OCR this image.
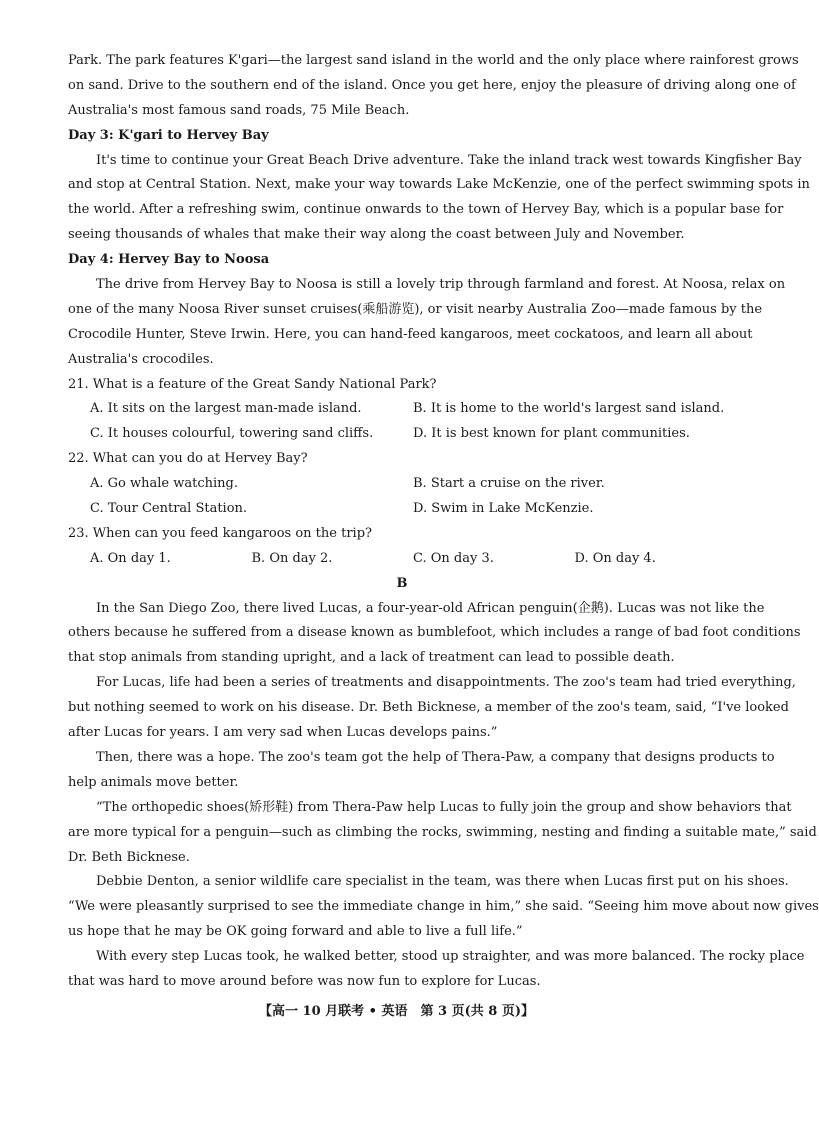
Park. The park features K'gari—the largest sand island in the world and the only place where rainforest grows
on sand. Drive to the southern end of the island. Once you get here, enjoy the pleasure of driving along one of
Australia's most famous sand roads, 75 Mile Beach.
Day 3: K'gari to Hervey Bay
It's time to continue your Great Beach Drive adventure. Take the inland track west towards Kingfisher Bay
and stop at Central Station. Next, make your way towards Lake McKenzie, one of the perfect swimming spots in
the world. After a refreshing swim, continue onwards to the town of Hervey Bay, which is a popular base for
seeing thousands of whales that make their way along the coast between July and November.
Day 4: Hervey Bay to Noosa
The drive from Hervey Bay to Noosa is still a lovely trip through farmland and forest. At Noosa, relax on
one of the many Noosa River sunset cruises(乘船游览), or visit nearby Australia Zoo—made famous by the
Crocodile Hunter, Steve Irwin. Here, you can hand-feed kangaroos, meet cockatoos, and learn all about
Australia's crocodiles.
21. What is a feature of the Great Sandy National Park?
A. It sits on the largest man-made island.	B. It is home to the world's largest sand island.
C. It houses colourful, towering sand cliffs.	D. It is best known for plant communities.
22. What can you do at Hervey Bay?
A. Go whale watching.	B. Start a cruise on the river.
C. Tour Central Station.	D. Swim in Lake McKenzie.
23. When can you feed kangaroos on the trip?
A. On day 1.	B. On day 2.	C. On day 3.	D. On day 4.
B
In the San Diego Zoo, there lived Lucas, a four-year-old African penguin(企鹅). Lucas was not like the
others because he suffered from a disease known as bumblefoot, which includes a range of bad foot conditions
that stop animals from standing upright, and a lack of treatment can lead to possible death.
For Lucas, life had been a series of treatments and disappointments. The zoo's team had tried everything,
but nothing seemed to work on his disease. Dr. Beth Bicknese, a member of the zoo's team, said, “I've looked
after Lucas for years. I am very sad when Lucas develops pains.”
Then, there was a hope. The zoo's team got the help of Thera-Paw, a company that designs products to
help animals move better.
“The orthopedic shoes(矫形鞋) from Thera-Paw help Lucas to fully join the group and show behaviors that
are more typical for a penguin—such as climbing the rocks, swimming, nesting and finding a suitable mate,” said
Dr. Beth Bicknese.
Debbie Denton, a senior wildlife care specialist in the team, was there when Lucas first put on his shoes.
“We were pleasantly surprised to see the immediate change in him,” she said. “Seeing him move about now gives
us hope that he may be OK going forward and able to live a full life.”
With every step Lucas took, he walked better, stood up straighter, and was more balanced. The rocky place
that was hard to move around before was now fun to explore for Lucas.
【高一 10 月联考 • 英语　第 3 页(共 8 页)】
